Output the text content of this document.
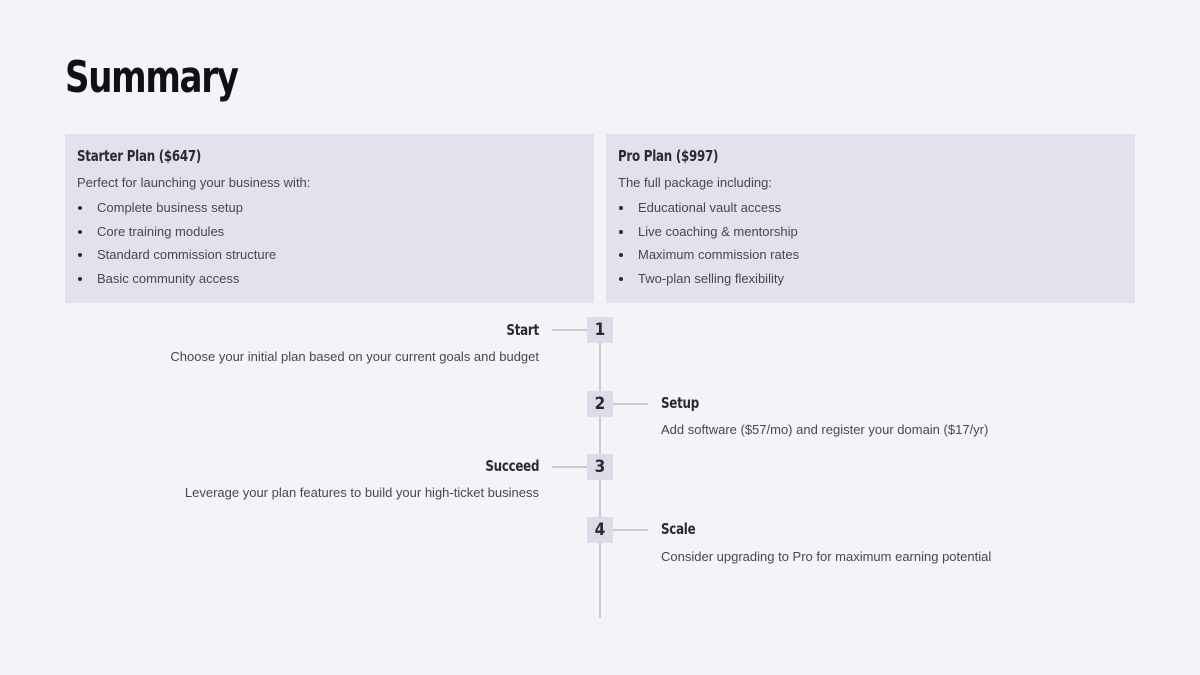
Summary
Starter Plan ($647)
Perfect for launching your business with:
Complete business setup
Core training modules
Standard commission structure
Basic community access
Pro Plan ($997)
The full package including:
Educational vault access
Live coaching & mentorship
Maximum commission rates
Two-plan selling flexibility
1
Start
Choose your initial plan based on your current goals and budget
2	Setup
Add software ($57/mo) and register your domain ($17/yr)
3
Succeed
Leverage your plan features to build your high-ticket business
4	Scale
Consider upgrading to Pro for maximum earning potential
